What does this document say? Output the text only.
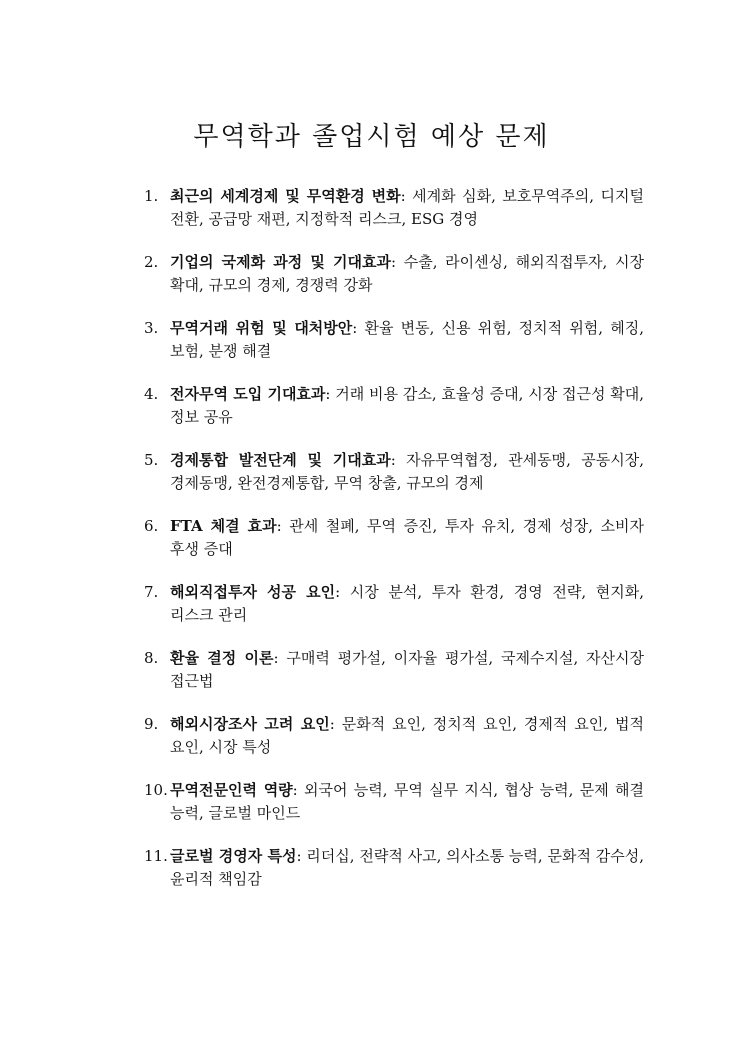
무역학과 졸업시험 예상 문제
1. 최근의 세계경제 및 무역환경 변화: 세계화 심화, 보호무역주의, 디지털 전환, 공급망 재편, 지정학적 리스크, ESG 경영
2. 기업의 국제화 과정 및 기대효과: 수출, 라이센싱, 해외직접투자, 시장 확대, 규모의 경제, 경쟁력 강화
3. 무역거래 위험 및 대처방안: 환율 변동, 신용 위험, 정치적 위험, 헤징, 보험, 분쟁 해결
4. 전자무역 도입 기대효과: 거래 비용 감소, 효율성 증대, 시장 접근성 확대, 정보 공유
5. 경제통합 발전단계 및 기대효과: 자유무역협정, 관세동맹, 공동시장, 경제동맹, 완전경제통합, 무역 창출, 규모의 경제
6. FTA 체결 효과: 관세 철폐, 무역 증진, 투자 유치, 경제 성장, 소비자 후생 증대
7. 해외직접투자 성공 요인: 시장 분석, 투자 환경, 경영 전략, 현지화, 리스크 관리
8. 환율 결정 이론: 구매력 평가설, 이자율 평가설, 국제수지설, 자산시장 접근법
9. 해외시장조사 고려 요인: 문화적 요인, 정치적 요인, 경제적 요인, 법적 요인, 시장 특성
10. 무역전문인력 역량: 외국어 능력, 무역 실무 지식, 협상 능력, 문제 해결 능력, 글로벌 마인드
11. 글로벌 경영자 특성: 리더십, 전략적 사고, 의사소통 능력, 문화적 감수성, 윤리적 책임감
